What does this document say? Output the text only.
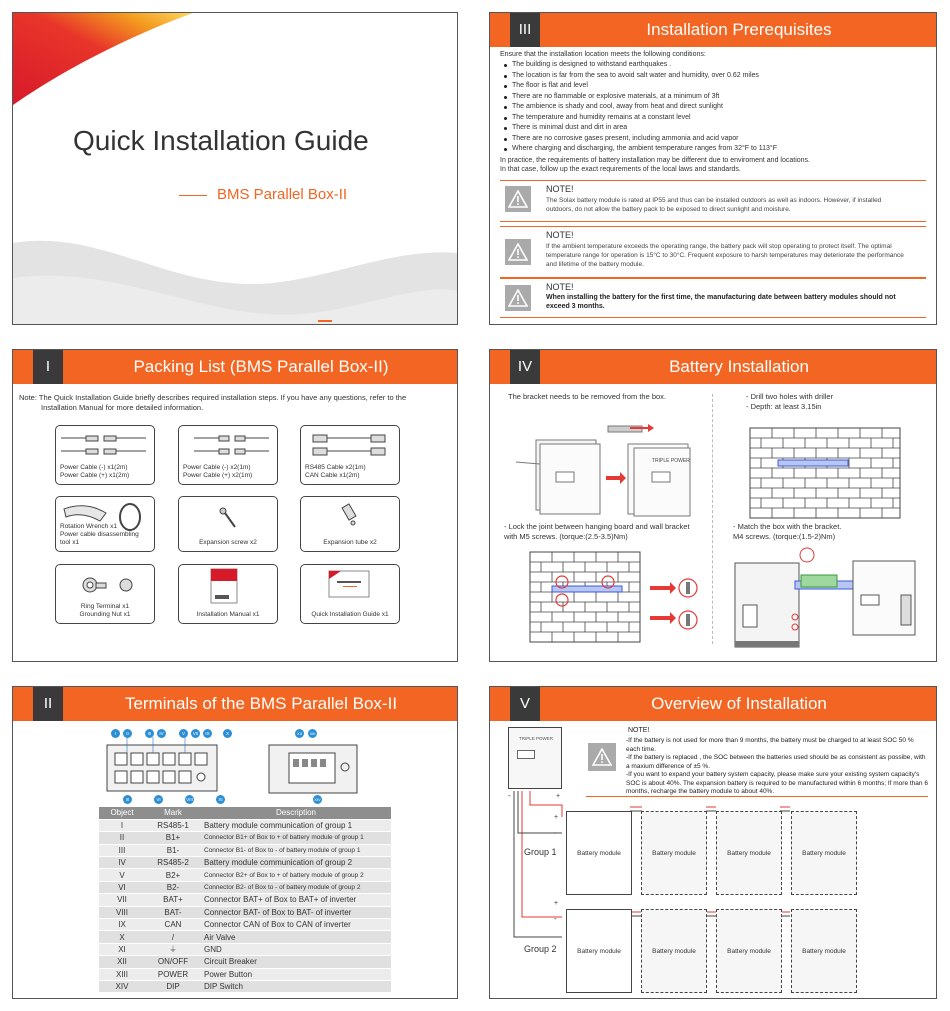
Quick Installation Guide
BMS Parallel Box-II
III	Installation Prerequisites
Ensure that the installation location meets the following conditions:
The building is designed to withstand earthquakes .
The location is far from the sea to avoid salt water and humidity, over 0.62 miles
The floor is flat and level
There are no flammable or explosive materials, at a minimum of 3ft
The ambience is shady and cool, away from heat and direct sunlight
The temperature and humidity remains at a constant level
There is minimal dust and dirt in area
There are no corrosive gases present, including ammonia and acid vapor
Where charging and discharging, the ambient temperature ranges from 32°F to 113°F
In practice, the requirements of battery installation may be different due to enviroment and locations.
In that case, follow up the exact requirements of the local laws and standards.
NOTE!
The Solax battery module is rated at IP55 and thus can be installed outdoors as well as indoors. However, if installed outdoors, do not allow the battery pack to be exposed to direct sunlight and moisture.
NOTE!
If the ambient temperature exceeds the operating range, the battery pack will stop operating to protect itself. The optimal temperature range for operation is 15°C to 30°C. Frequent exposure to harsh temperatures may deteriorate the performance and lifetime of the battery module.
NOTE!
When installing the battery for the first time, the manufacturing date between battery modules should not exceed 3 months.
I	Packing List (BMS Parallel Box-II)
Note: The Quick Installation Guide briefly describes required installation steps. If you have any questions, refer to the
Installation Manual for more detailed information.
Power Cable (-) x1(2m)
Power Cable (+) x1(2m)
Power Cable (-) x2(1m)
Power Cable (+) x2(1m)
RS485 Cable x2(1m)
CAN Cable x1(2m)
Rotation Wrench x1
Power cable disassembling tool x1	Expansion screw x2	Expansion tube x2
Ring Terminal x1
Grounding Nut x1	Installation Manual x1	Quick Installation Guide x1
IV	Battery Installation
The bracket needs to be removed from the box.	- Drill two holes with driller
- Depth: at least 3.15in
TRIPLE POWER
- Lock the joint between hanging board and wall bracket
with M5 screws. (torque:(2.5-3.5)Nm)
- Match the box with the bracket.
M4 screws. (torque:(1.5-2)Nm)
II	Terminals of the BMS Parallel Box-II
I	II	III	IV	V	VII	IX	X
III	VI	VIII	XI
XII	XIII
XIV
Object	Mark	Description
I	RS485-1	Battery module communication of group 1
II	B1+	Connector B1+ of Box to + of battery module of group 1
III	B1-	Connector B1- of Box to - of battery module of group 1
IV	RS485-2	Battery module communication of group 2
V	B2+	Connector B2+ of Box to + of battery module of group 2
VI	B2-	Connector B2- of Box to - of battery module of group 2
VII	BAT+	Connector BAT+ of Box to BAT+ of inverter
VIII	BAT-	Connector BAT- of Box to BAT- of inverter
IX	CAN	Connector CAN of Box to CAN of inverter
X	/	Air Valve
XI	⏚	GND
XII	ON/OFF	Circuit Breaker
XIII	POWER	Power Button
XIV	DIP	DIP Switch
V	Overview of Installation
TRIPLE POWER
NOTE!
-If the battery is not used for more than 9 months, the battery must be charged to at least SOC 50 % each time.
-If the battery is replaced , the SOC between the batteries used should be as consistent as possibe, with a maxium difference of ±5 %.
-If you want to expand your battery system capacity, please make sure your existing system capacity's SOC is about 40%. The expansion battery is required to be manufactured within 6 months; If more than 6 months, recharge the battery module to about 40%.
+
-
+
-
+
-
Group 1
Group 2
Battery module	Battery module	Battery module	Battery module
Battery module	Battery module	Battery module	Battery module
